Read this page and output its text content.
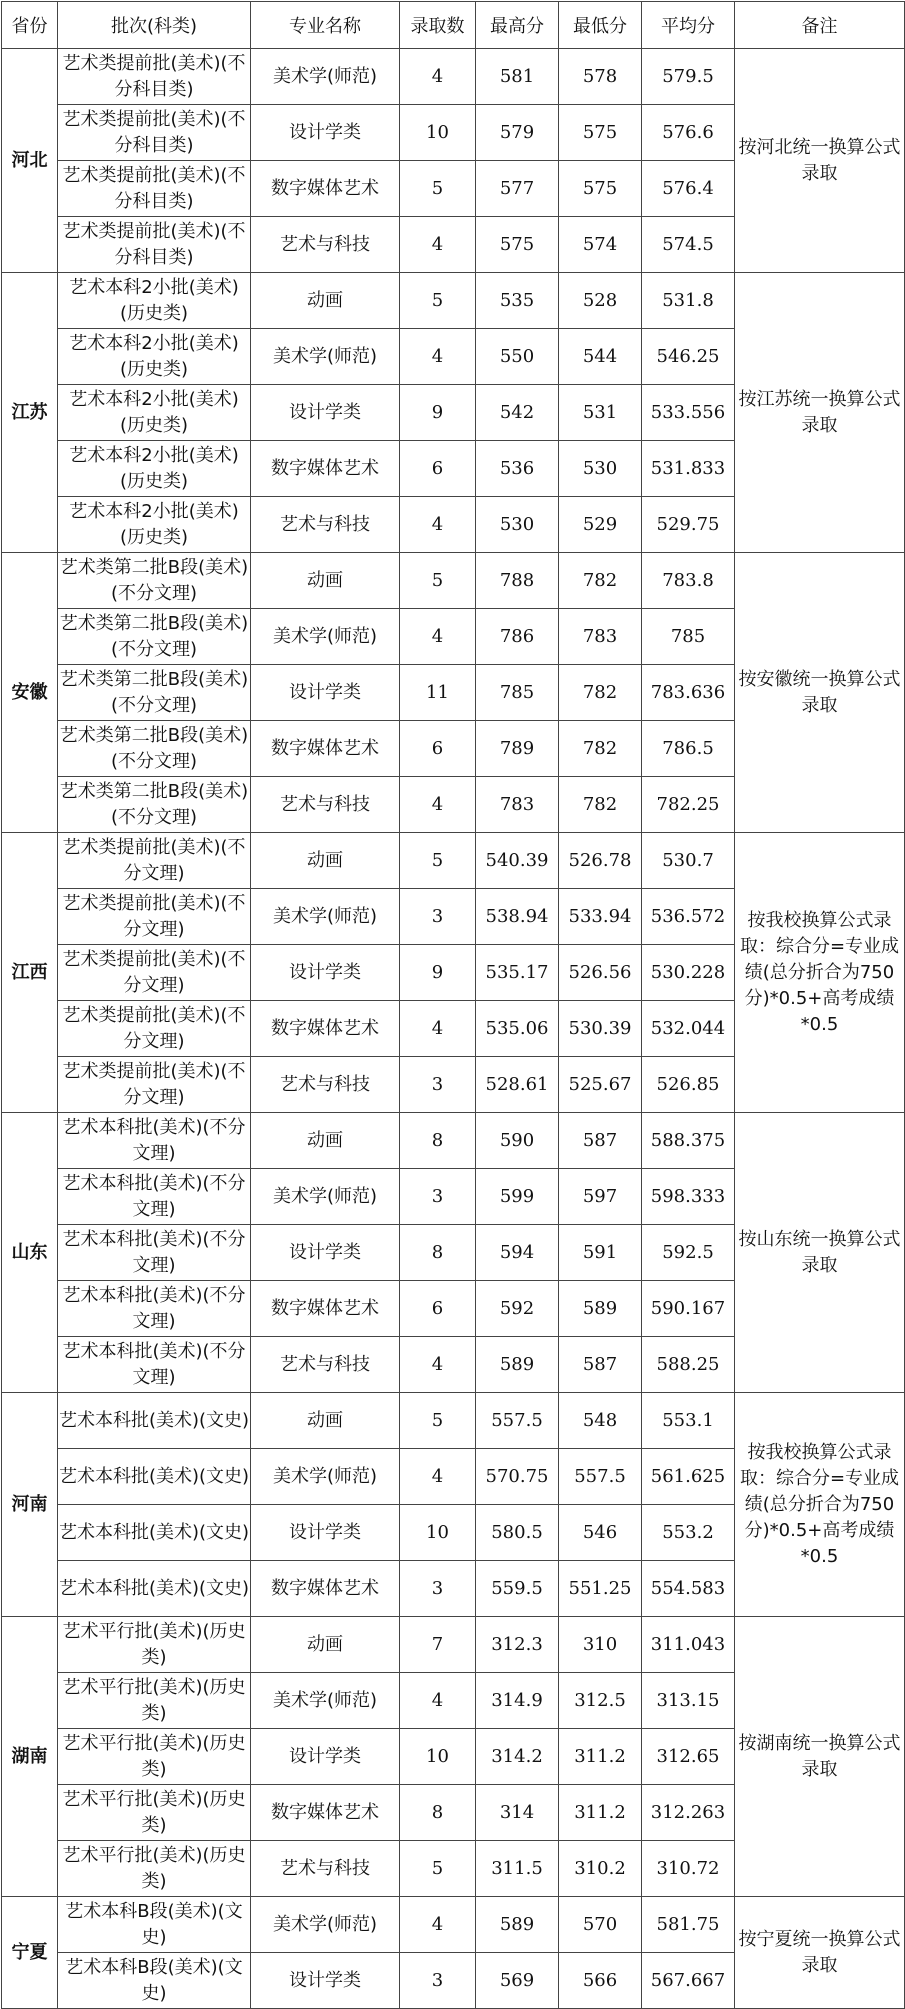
省份	批次(科类)	专业名称	录取数	最高分	最低分	平均分	备注
河北	艺术类提前批(美术)(不分科目类)	美术学(师范)	4	581	578	579.5	按河北统一换算公式录取
	艺术类提前批(美术)(不分科目类)	设计学类	10	579	575	576.6	
	艺术类提前批(美术)(不分科目类)	数字媒体艺术	5	577	575	576.4	
	艺术类提前批(美术)(不分科目类)	艺术与科技	4	575	574	574.5	
江苏	艺术本科2小批(美术)(历史类)	动画	5	535	528	531.8	按江苏统一换算公式录取
	艺术本科2小批(美术)(历史类)	美术学(师范)	4	550	544	546.25	
	艺术本科2小批(美术)(历史类)	设计学类	9	542	531	533.556	
	艺术本科2小批(美术)(历史类)	数字媒体艺术	6	536	530	531.833	
	艺术本科2小批(美术)(历史类)	艺术与科技	4	530	529	529.75	
安徽	艺术类第二批B段(美术)(不分文理)	动画	5	788	782	783.8	按安徽统一换算公式录取
	艺术类第二批B段(美术)(不分文理)	美术学(师范)	4	786	783	785	
	艺术类第二批B段(美术)(不分文理)	设计学类	11	785	782	783.636	
	艺术类第二批B段(美术)(不分文理)	数字媒体艺术	6	789	782	786.5	
	艺术类第二批B段(美术)(不分文理)	艺术与科技	4	783	782	782.25	
江西	艺术类提前批(美术)(不分文理)	动画	5	540.39	526.78	530.7	按我校换算公式录取：综合分=专业成绩(总分折合为750分)*0.5+高考成绩*0.5
	艺术类提前批(美术)(不分文理)	美术学(师范)	3	538.94	533.94	536.572	
	艺术类提前批(美术)(不分文理)	设计学类	9	535.17	526.56	530.228	
	艺术类提前批(美术)(不分文理)	数字媒体艺术	4	535.06	530.39	532.044	
	艺术类提前批(美术)(不分文理)	艺术与科技	3	528.61	525.67	526.85	
山东	艺术本科批(美术)(不分文理)	动画	8	590	587	588.375	按山东统一换算公式录取
	艺术本科批(美术)(不分文理)	美术学(师范)	3	599	597	598.333	
	艺术本科批(美术)(不分文理)	设计学类	8	594	591	592.5	
	艺术本科批(美术)(不分文理)	数字媒体艺术	6	592	589	590.167	
	艺术本科批(美术)(不分文理)	艺术与科技	4	589	587	588.25	
河南	艺术本科批(美术)(文史)	动画	5	557.5	548	553.1	按我校换算公式录取：综合分=专业成绩(总分折合为750分)*0.5+高考成绩*0.5
	艺术本科批(美术)(文史)	美术学(师范)	4	570.75	557.5	561.625	
	艺术本科批(美术)(文史)	设计学类	10	580.5	546	553.2	
	艺术本科批(美术)(文史)	数字媒体艺术	3	559.5	551.25	554.583	
湖南	艺术平行批(美术)(历史类)	动画	7	312.3	310	311.043	按湖南统一换算公式录取
	艺术平行批(美术)(历史类)	美术学(师范)	4	314.9	312.5	313.15	
	艺术平行批(美术)(历史类)	设计学类	10	314.2	311.2	312.65	
	艺术平行批(美术)(历史类)	数字媒体艺术	8	314	311.2	312.263	
	艺术平行批(美术)(历史类)	艺术与科技	5	311.5	310.2	310.72	
宁夏	艺术本科B段(美术)(文史)	美术学(师范)	4	589	570	581.75	按宁夏统一换算公式录取
	艺术本科B段(美术)(文史)	设计学类	3	569	566	567.667	
